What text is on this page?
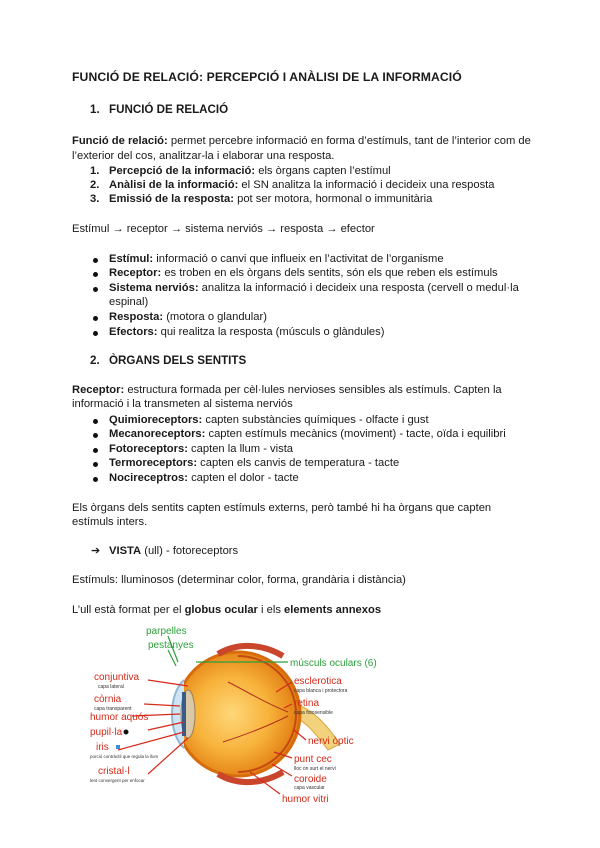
FUNCIÓ DE RELACIÓ: PERCEPCIÓ I ANÀLISI DE LA INFORMACIÓ
1. FUNCIÓ DE RELACIÓ
Funció de relació: permet percebre informació en forma d’estímuls, tant de l’interior com de
l’exterior del cos, analitzar-la i elaborar una resposta.
1. Percepció de la informació: els òrgans capten l’estímul
2. Anàlisi de la informació: el SN analitza la informació i decideix una resposta
3. Emissió de la resposta: pot ser motora, hormonal o immunitària
Estímul → receptor → sistema nerviós → resposta → efector
Estímul: informació o canvi que influeix en l’activitat de l’organisme
Receptor: es troben en els òrgans dels sentits, són els que reben els estímuls
Sistema nerviós: analitza la informació i decideix una resposta (cervell o medul·la
espinal)
Resposta: (motora o glandular)
Efectors: qui realitza la resposta (músculs o glàndules)
2. ÒRGANS DELS SENTITS
Receptor: estructura formada per cèl·lules nervioses sensibles als estímuls. Capten la
informació i la transmeten al sistema nerviós
Quimioreceptors: capten substàncies químiques - olfacte i gust
Mecanoreceptors: capten estímuls mecànics (moviment) - tacte, oïda i equilibri
Fotoreceptors: capten la llum - vista
Termoreceptors: capten els canvis de temperatura - tacte
Nocireceptros: capten el dolor - tacte
Els òrgans dels sentits capten estímuls externs, però també hi ha òrgans que capten
estímuls inters.
➔ VISTA (ull) - fotoreceptors
Estímuls: lluminosos (determinar color, forma, grandària i distància)
L’ull està format per el globus ocular i els elements annexos
parpelles
pestanyes
músculs oculars (6)
conjuntiva
capa lateral
còrnia
capa transparent
humor aquós
pupil·la
iris
porció contràctil que regula la llum
cristal·l
lent convergent per enfocar
esclerotica
capa blanca i protectora
retina
capa fotosensible
nervi òptic
punt cec
lloc on surt el nervi
coroide
capa vascular
humor vitri
